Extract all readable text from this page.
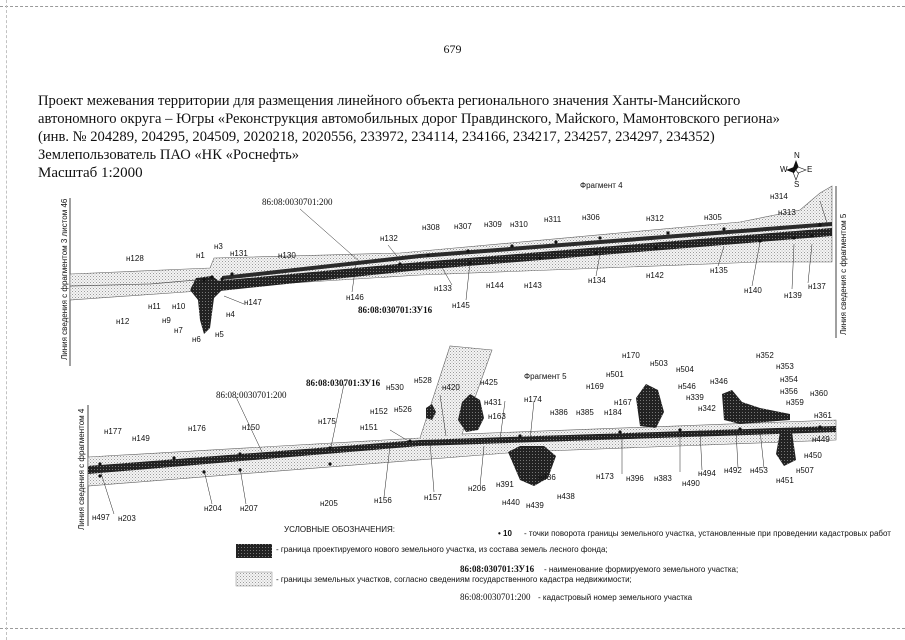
679
Проект межевания территории для размещения линейного объекта регионального значения Ханты-Мансийского
автономного округа – Югры «Реконструкция автомобильных дорог Правдинского, Майского, Мамонтовского региона»
(инв. № 204289, 204295, 204509, 2020218, 2020556, 233972, 234114, 234166, 234217, 234257, 234297, 234352)
Землепользователь ПАО «НК «Роснефть»
Масштаб 1:2000
Фрагмент 4
86:08:0030701:200
86:08:030701:ЗУ16
Линия сведения с фрагментом 3 листом 46	Линия сведения с фрагментом 5
н1
н3
н131	н130
н128
н11 н10
н9
н7
н6
н5
н4
н147
н12
н132
н308 н307 н309 н310
н311	н306	н312	н305
н313
н314
н146
н133
н145
н144	н143
н134
н142
н135
н140
н139
н137
N
S
E
W
Фрагмент 5
86:08:0030701:200
86:08:030701:ЗУ16
Линия сведения с фрагментом 4 н177
н149
н176	н150
н175
н151
н152 н526
н530
н528
н420
н425
н431
н163
н174
н386 н385 н184
н167
н169
н501
н170
н503
н504
н546
н339
н342
н346
н352
н353
н354
н356
н359
н360
н361
н449
н450
н507
н451
н453
н492
н494
н490
н383
н396
н173
н438
н439
н440
н391
н436
н206
н157
н156
н205
н207
н204
н203
н497
УСЛОВНЫЕ ОБОЗНАЧЕНИЯ:
- граница проектируемого нового земельного участка, из состава земель лесного фонда;
- границы земельных участков, согласно сведениям государственного кадастра недвижимости;
• 10 - точки поворота границы земельного участка, установленные при проведении кадастровых работ
86:08:030701:ЗУ16 - наименование формируемого земельного участка;
86:08:0030701:200 - кадастровый номер земельного участка
